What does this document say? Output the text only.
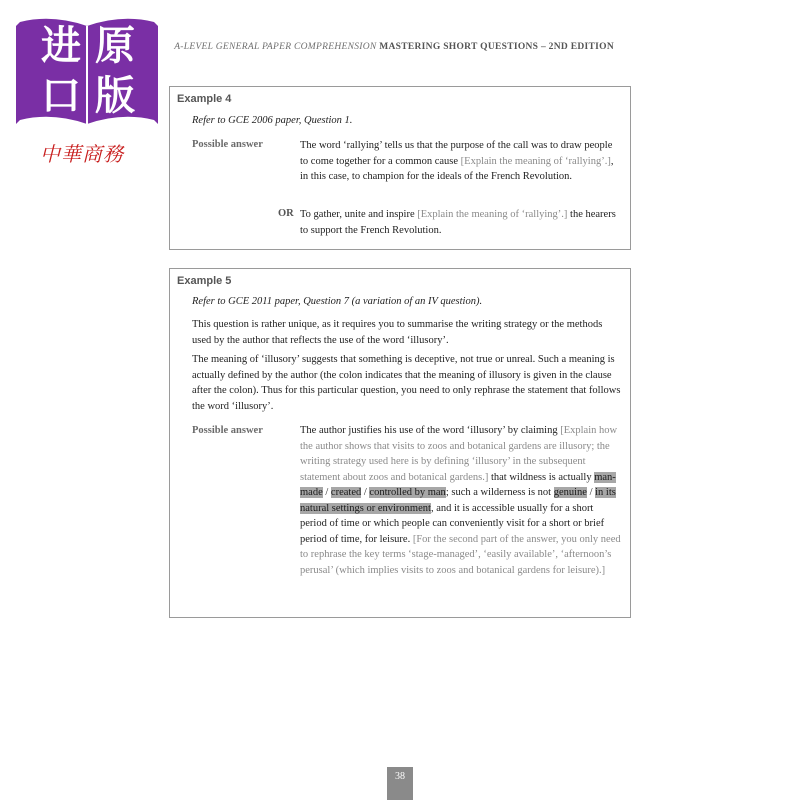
进 原
口 版
中華商務
A-LEVEL GENERAL PAPER COMPREHENSION MASTERING SHORT QUESTIONS – 2ND EDITION
Example 4
Refer to GCE 2006 paper, Question 1.
Possible answer	The word ‘rallying’ tells us that the purpose of the call was to draw people to come together for a common cause [Explain the meaning of ‘rallying’.], in this case, to champion for the ideals of the French Revolution.
OR To gather, unite and inspire [Explain the meaning of ‘rallying’.] the hearers to support the French Revolution.
Example 5
Refer to GCE 2011 paper, Question 7 (a variation of an IV question).
This question is rather unique, as it requires you to summarise the writing strategy or the methods used by the author that reflects the use of the word ‘illusory’.
The meaning of ‘illusory’ suggests that something is deceptive, not true or unreal. Such a meaning is actually defined by the author (the colon indicates that the meaning of illusory is given in the clause after the colon). Thus for this particular question, you need to only rephrase the statement that follows the word ‘illusory’.
Possible answer	The author justifies his use of the word ‘illusory’ by claiming [Explain how the author shows that visits to zoos and botanical gardens are illusory; the writing strategy used here is by defining ‘illusory’ in the subsequent statement about zoos and botanical gardens.] that wildness is actually man-made / created / controlled by man; such a wilderness is not genuine / in its natural settings or environment, and it is accessible usually for a short period of time or which people can conveniently visit for a short or brief period of time, for leisure. [For the second part of the answer, you only need to rephrase the key terms ‘stage-managed’, ‘easily available’, ‘afternoon’s perusal’ (which implies visits to zoos and botanical gardens for leisure).]
38
